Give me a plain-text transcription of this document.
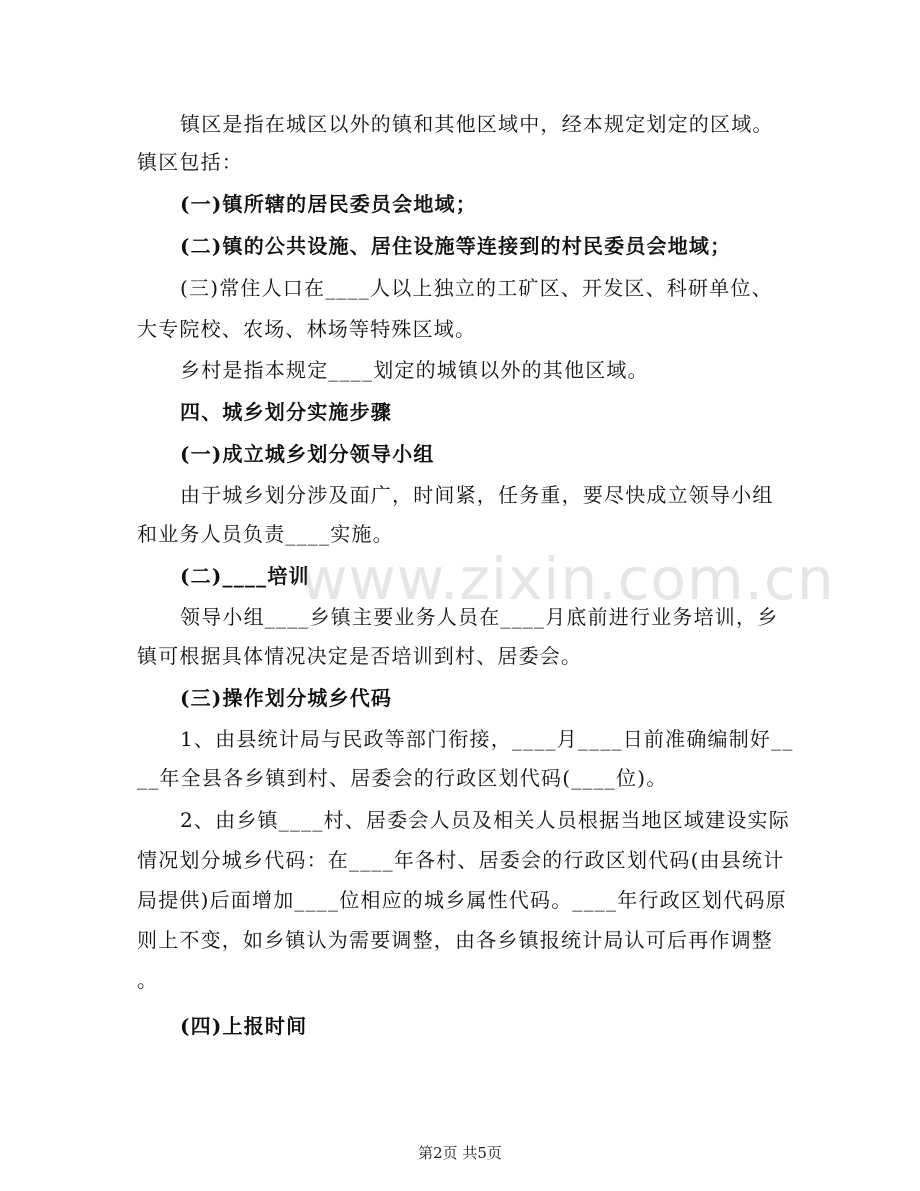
www.zixin.com.cn
镇区是指在城区以外的镇和其他区域中，经本规定划定的区域。
镇区包括：
(一)镇所辖的居民委员会地域；
(二)镇的公共设施、居住设施等连接到的村民委员会地域；
(三)常住人口在____人以上独立的工矿区、开发区、科研单位、
大专院校、农场、林场等特殊区域。
乡村是指本规定____划定的城镇以外的其他区域。
四、城乡划分实施步骤
(一)成立城乡划分领导小组
由于城乡划分涉及面广，时间紧，任务重，要尽快成立领导小组
和业务人员负责____实施。
(二)____培训
领导小组____乡镇主要业务人员在____月底前进行业务培训，乡
镇可根据具体情况决定是否培训到村、居委会。
(三)操作划分城乡代码
1、由县统计局与民政等部门衔接，____月____日前准确编制好__
__年全县各乡镇到村、居委会的行政区划代码(____位)。
2、由乡镇____村、居委会人员及相关人员根据当地区域建设实际
情况划分城乡代码：在____年各村、居委会的行政区划代码(由县统计
局提供)后面增加____位相应的城乡属性代码。____年行政区划代码原
则上不变，如乡镇认为需要调整，由各乡镇报统计局认可后再作调整
。
(四)上报时间
第2页 共5页
